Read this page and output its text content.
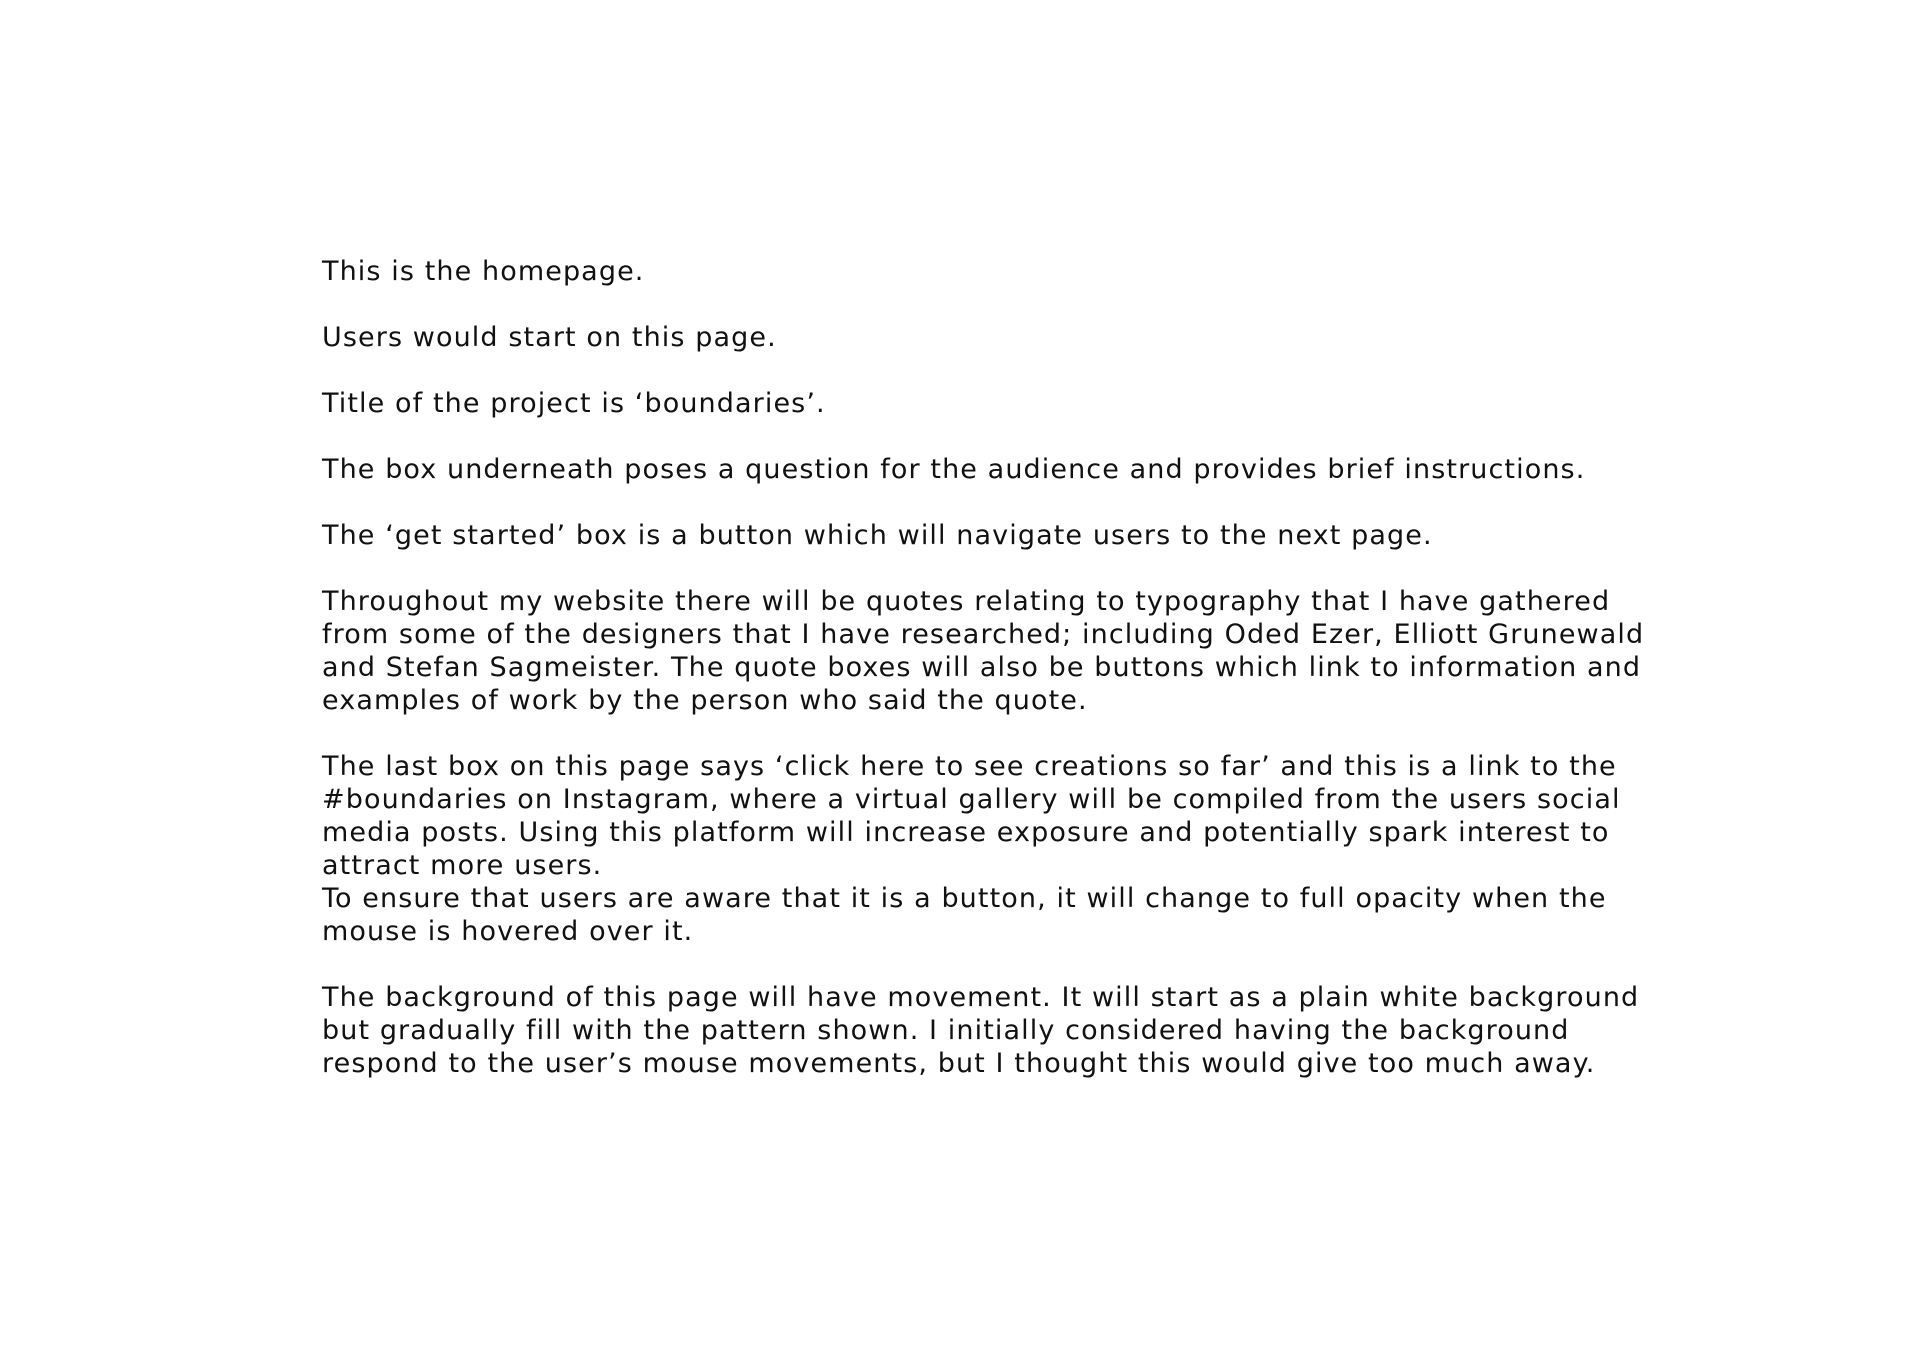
This is the homepage.

Users would start on this page.

Title of the project is ‘boundaries’.

The box underneath poses a question for the audience and provides brief instructions.

The ‘get started’ box is a button which will navigate users to the next page.

Throughout my website there will be quotes relating to typography that I have gathered
from some of the designers that I have researched; including Oded Ezer, Elliott Grunewald
and Stefan Sagmeister. The quote boxes will also be buttons which link to information and
examples of work by the person who said the quote.

The last box on this page says ‘click here to see creations so far’ and this is a link to the
#boundaries on Instagram, where a virtual gallery will be compiled from the users social
media posts. Using this platform will increase exposure and potentially spark interest to
attract more users.

To ensure that users are aware that it is a button, it will change to full opacity when the
mouse is hovered over it.

The background of this page will have movement. It will start as a plain white background
but gradually fill with the pattern shown. I initially considered having the background
respond to the user’s mouse movements, but I thought this would give too much away.
